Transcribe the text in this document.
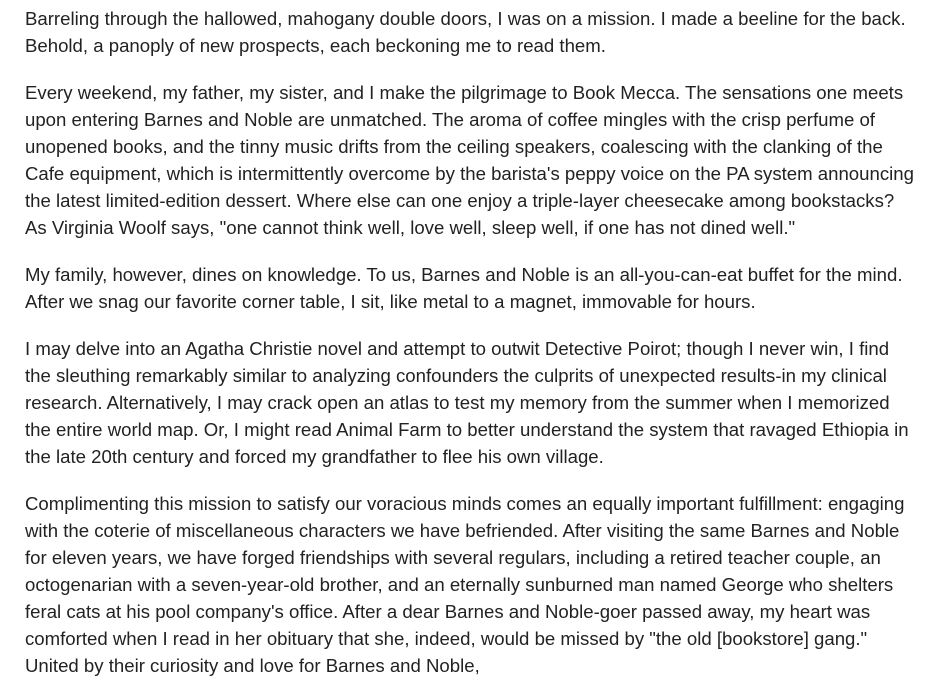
Barreling through the hallowed, mahogany double doors, I was on a mission. I made a beeline for the back. Behold, a panoply of new prospects, each beckoning me to read them.

Every weekend, my father, my sister, and I make the pilgrimage to Book Mecca. The sensations one meets upon entering Barnes and Noble are unmatched. The aroma of coffee mingles with the crisp perfume of unopened books, and the tinny music drifts from the ceiling speakers, coalescing with the clanking of the Cafe equipment, which is intermittently overcome by the barista's peppy voice on the PA system announcing the latest limited-edition dessert. Where else can one enjoy a triple-layer cheesecake among bookstacks? As Virginia Woolf says, "one cannot think well, love well, sleep well, if one has not dined well."

My family, however, dines on knowledge. To us, Barnes and Noble is an all-you-can-eat buffet for the mind. After we snag our favorite corner table, I sit, like metal to a magnet, immovable for hours.

I may delve into an Agatha Christie novel and attempt to outwit Detective Poirot; though I never win, I find the sleuthing remarkably similar to analyzing confounders the culprits of unexpected results-in my clinical research. Alternatively, I may crack open an atlas to test my memory from the summer when I memorized the entire world map. Or, I might read Animal Farm to better understand the system that ravaged Ethiopia in the late 20th century and forced my grandfather to flee his own village.

Complimenting this mission to satisfy our voracious minds comes an equally important fulfillment: engaging with the coterie of miscellaneous characters we have befriended. After visiting the same Barnes and Noble for eleven years, we have forged friendships with several regulars, including a retired teacher couple, an octogenarian with a seven-year-old brother, and an eternally sunburned man named George who shelters feral cats at his pool company's office. After a dear Barnes and Noble-goer passed away, my heart was comforted when I read in her obituary that she, indeed, would be missed by "the old [bookstore] gang." United by their curiosity and love for Barnes and Noble,
